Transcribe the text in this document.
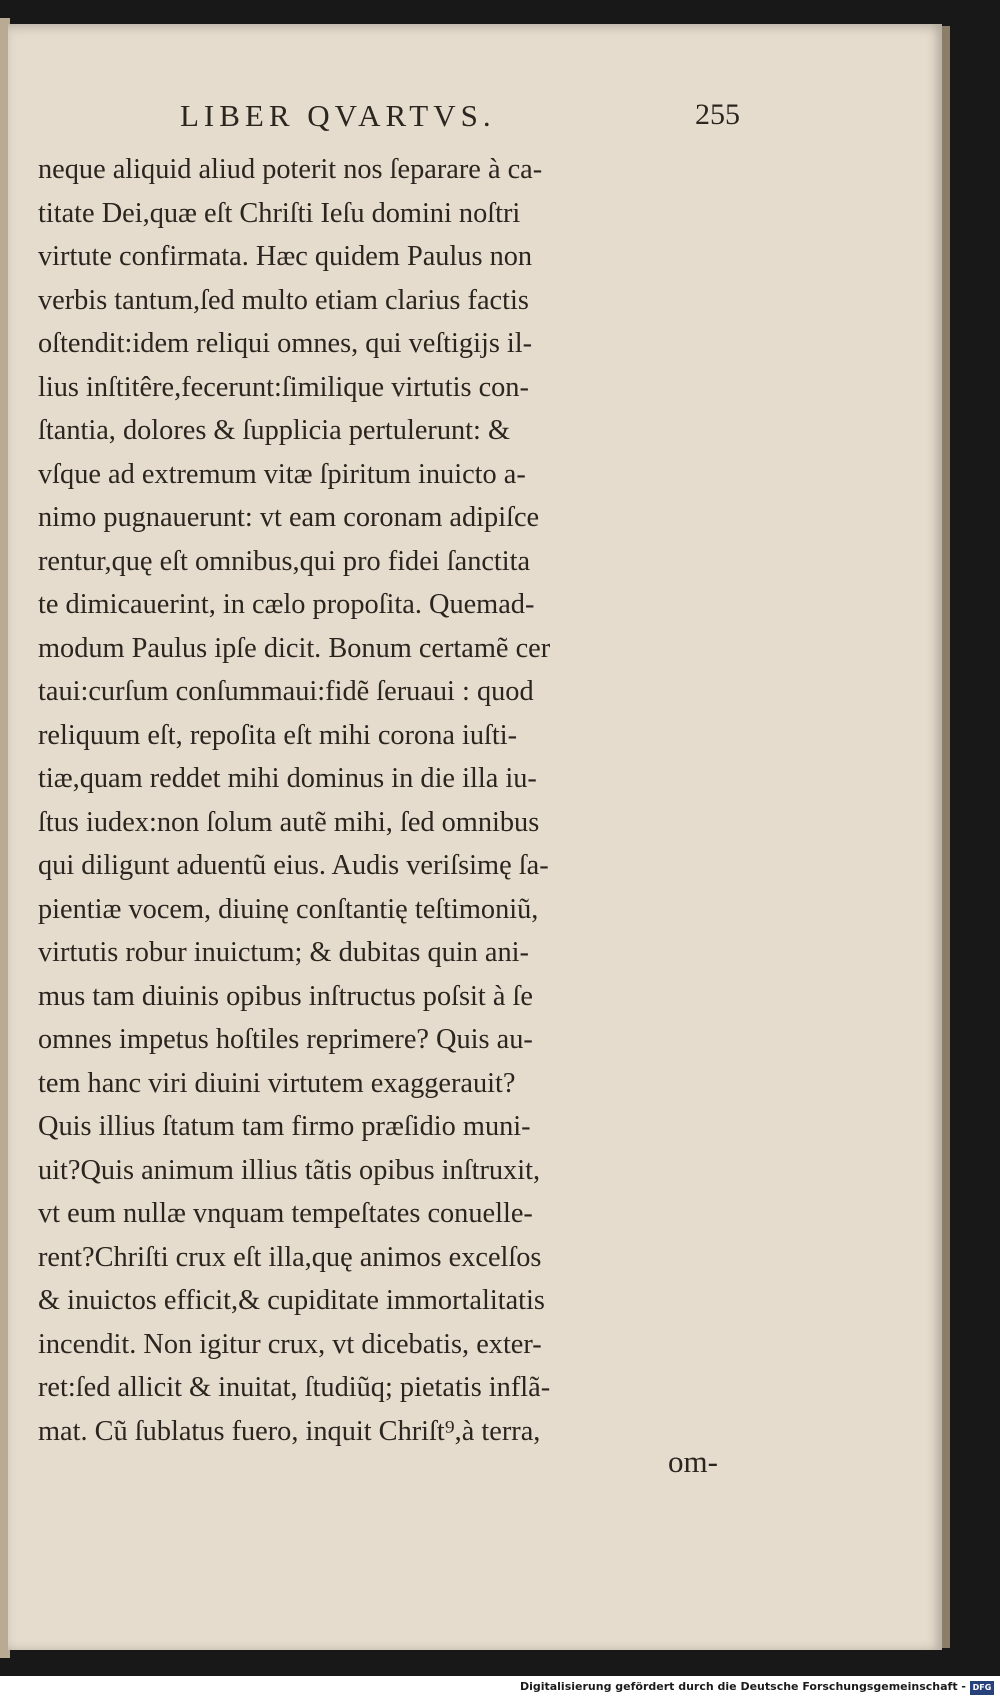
LIBER QVARTVS.	255
neque aliquid aliud poterit nos ſeparare à ca-
titate Dei,quæ eſt Chriſti Ieſu domini noſtri
virtute confirmata. Hæc quidem Paulus non
verbis tantum,ſed multo etiam clarius factis
oſtendit:idem reliqui omnes, qui veſtigijs il-
lius inſtitêre,fecerunt:ſimilique virtutis con-
ſtantia, dolores & ſupplicia pertulerunt: &
vſque ad extremum vitæ ſpiritum inuicto a-
nimo pugnauerunt: vt eam coronam adipiſce
rentur,quę eſt omnibus,qui pro fidei ſanctita
te dimicauerint, in cælo propoſita. Quemad-
modum Paulus ipſe dicit. Bonum certamẽ cer
taui:curſum conſummaui:fidẽ ſeruaui : quod
reliquum eſt, repoſita eſt mihi corona iuſti-
tiæ,quam reddet mihi dominus in die illa iu-
ſtus iudex:non ſolum autẽ mihi, ſed omnibus
qui diligunt aduentũ eius. Audis veriſsimę ſa-
pientiæ vocem, diuinę conſtantię teſtimoniũ,
virtutis robur inuictum; & dubitas quin ani-
mus tam diuinis opibus inſtructus poſsit à ſe
omnes impetus hoſtiles reprimere? Quis au-
tem hanc viri diuini virtutem exaggerauit?
Quis illius ſtatum tam firmo præſidio muni-
uit?Quis animum illius tãtis opibus inſtruxit,
vt eum nullæ vnquam tempeſtates conuelle-
rent?Chriſti crux eſt illa,quę animos excelſos
& inuictos efficit,& cupiditate immortalitatis
incendit. Non igitur crux, vt dicebatis, exter-
ret:ſed allicit & inuitat, ſtudiũq; pietatis inflã-
mat. Cũ ſublatus fuero, inquit Chriſt⁹,à terra,
om-
Digitalisierung gefördert durch die Deutsche Forschungsgemeinschaft - DFG
